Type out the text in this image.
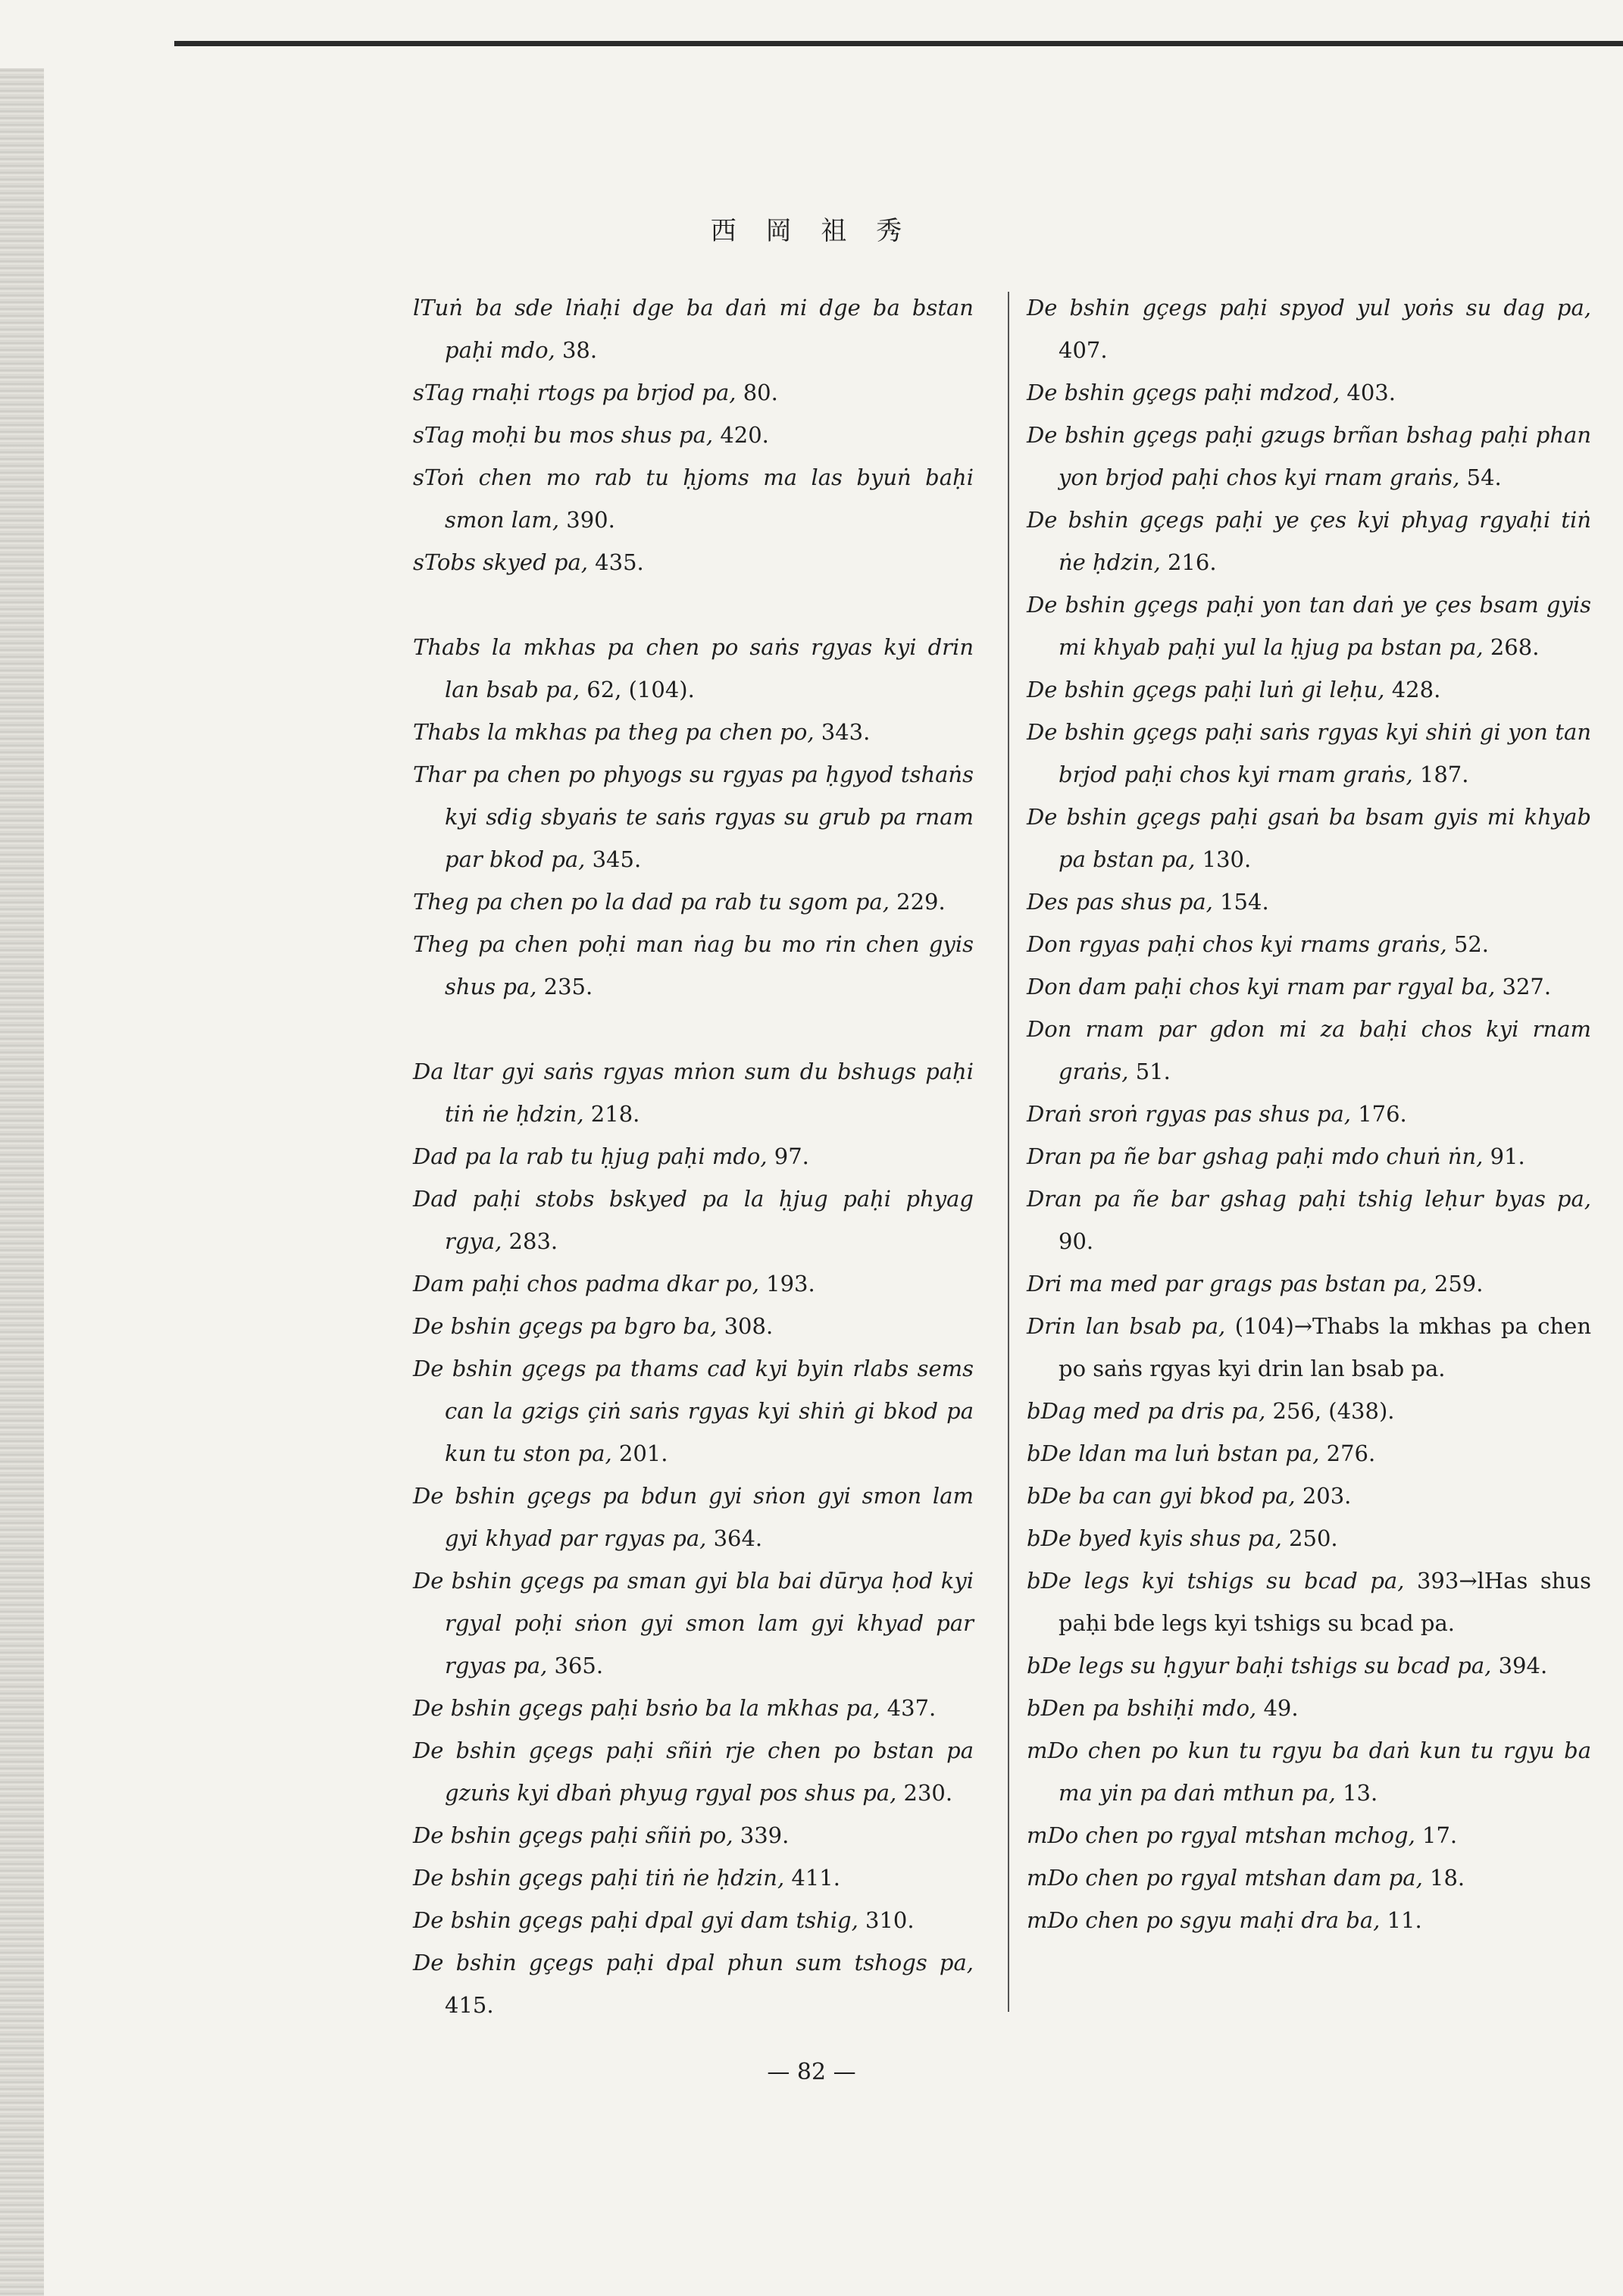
西 岡 祖 秀
lTuṅ ba sde lṅaḥi dge ba daṅ mi dge ba bstan paḥi mdo, 38.
sTag rnaḥi rtogs pa brjod pa, 80.
sTag moḥi bu mos shus pa, 420.
sToṅ chen mo rab tu ḥjoms ma las byuṅ baḥi smon lam, 390.
sTobs skyed pa, 435.
Thabs la mkhas pa chen po saṅs rgyas kyi drin lan bsab pa, 62, (104).
Thabs la mkhas pa theg pa chen po, 343.
Thar pa chen po phyogs su rgyas pa ḥgyod tshaṅs kyi sdig sbyaṅs te saṅs rgyas su grub pa rnam par bkod pa, 345.
Theg pa chen po la dad pa rab tu sgom pa, 229.
Theg pa chen poḥi man ṅag bu mo rin chen gyis shus pa, 235.
Da ltar gyi saṅs rgyas mṅon sum du bshugs paḥi tiṅ ṅe ḥdzin, 218.
Dad pa la rab tu ḥjug paḥi mdo, 97.
Dad paḥi stobs bskyed pa la ḥjug paḥi phyag rgya, 283.
Dam paḥi chos padma dkar po, 193.
De bshin gçegs pa bgro ba, 308.
De bshin gçegs pa thams cad kyi byin rlabs sems can la gzigs çiṅ saṅs rgyas kyi shiṅ gi bkod pa kun tu ston pa, 201.
De bshin gçegs pa bdun gyi sṅon gyi smon lam gyi khyad par rgyas pa, 364.
De bshin gçegs pa sman gyi bla bai dūrya ḥod kyi rgyal poḥi sṅon gyi smon lam gyi khyad par rgyas pa, 365.
De bshin gçegs paḥi bsṅo ba la mkhas pa, 437.
De bshin gçegs paḥi sñiṅ rje chen po bstan pa gzuṅs kyi dbaṅ phyug rgyal pos shus pa, 230.
De bshin gçegs paḥi sñiṅ po, 339.
De bshin gçegs paḥi tiṅ ṅe ḥdzin, 411.
De bshin gçegs paḥi dpal gyi dam tshig, 310.
De bshin gçegs paḥi dpal phun sum tshogs pa, 415.
De bshin gçegs paḥi spyod yul yoṅs su dag pa, 407.
De bshin gçegs paḥi mdzod, 403.
De bshin gçegs paḥi gzugs brñan bshag paḥi phan yon brjod paḥi chos kyi rnam graṅs, 54.
De bshin gçegs paḥi ye çes kyi phyag rgyaḥi tiṅ ṅe ḥdzin, 216.
De bshin gçegs paḥi yon tan daṅ ye çes bsam gyis mi khyab paḥi yul la ḥjug pa bstan pa, 268.
De bshin gçegs paḥi luṅ gi leḥu, 428.
De bshin gçegs paḥi saṅs rgyas kyi shiṅ gi yon tan brjod paḥi chos kyi rnam graṅs, 187.
De bshin gçegs paḥi gsaṅ ba bsam gyis mi khyab pa bstan pa, 130.
Des pas shus pa, 154.
Don rgyas paḥi chos kyi rnams graṅs, 52.
Don dam paḥi chos kyi rnam par rgyal ba, 327.
Don rnam par gdon mi za baḥi chos kyi rnam graṅs, 51.
Draṅ sroṅ rgyas pas shus pa, 176.
Dran pa ñe bar gshag paḥi mdo chuṅ ṅn, 91.
Dran pa ñe bar gshag paḥi tshig leḥur byas pa, 90.
Dri ma med par grags pas bstan pa, 259.
Drin lan bsab pa, (104)→Thabs la mkhas pa chen po saṅs rgyas kyi drin lan bsab pa.
bDag med pa dris pa, 256, (438).
bDe ldan ma luṅ bstan pa, 276.
bDe ba can gyi bkod pa, 203.
bDe byed kyis shus pa, 250.
bDe legs kyi tshigs su bcad pa, 393→lHas shus paḥi bde legs kyi tshigs su bcad pa.
bDe legs su ḥgyur baḥi tshigs su bcad pa, 394.
bDen pa bshiḥi mdo, 49.
mDo chen po kun tu rgyu ba daṅ kun tu rgyu ba ma yin pa daṅ mthun pa, 13.
mDo chen po rgyal mtshan mchog, 17.
mDo chen po rgyal mtshan dam pa, 18.
mDo chen po sgyu maḥi dra ba, 11.
— 82 —
